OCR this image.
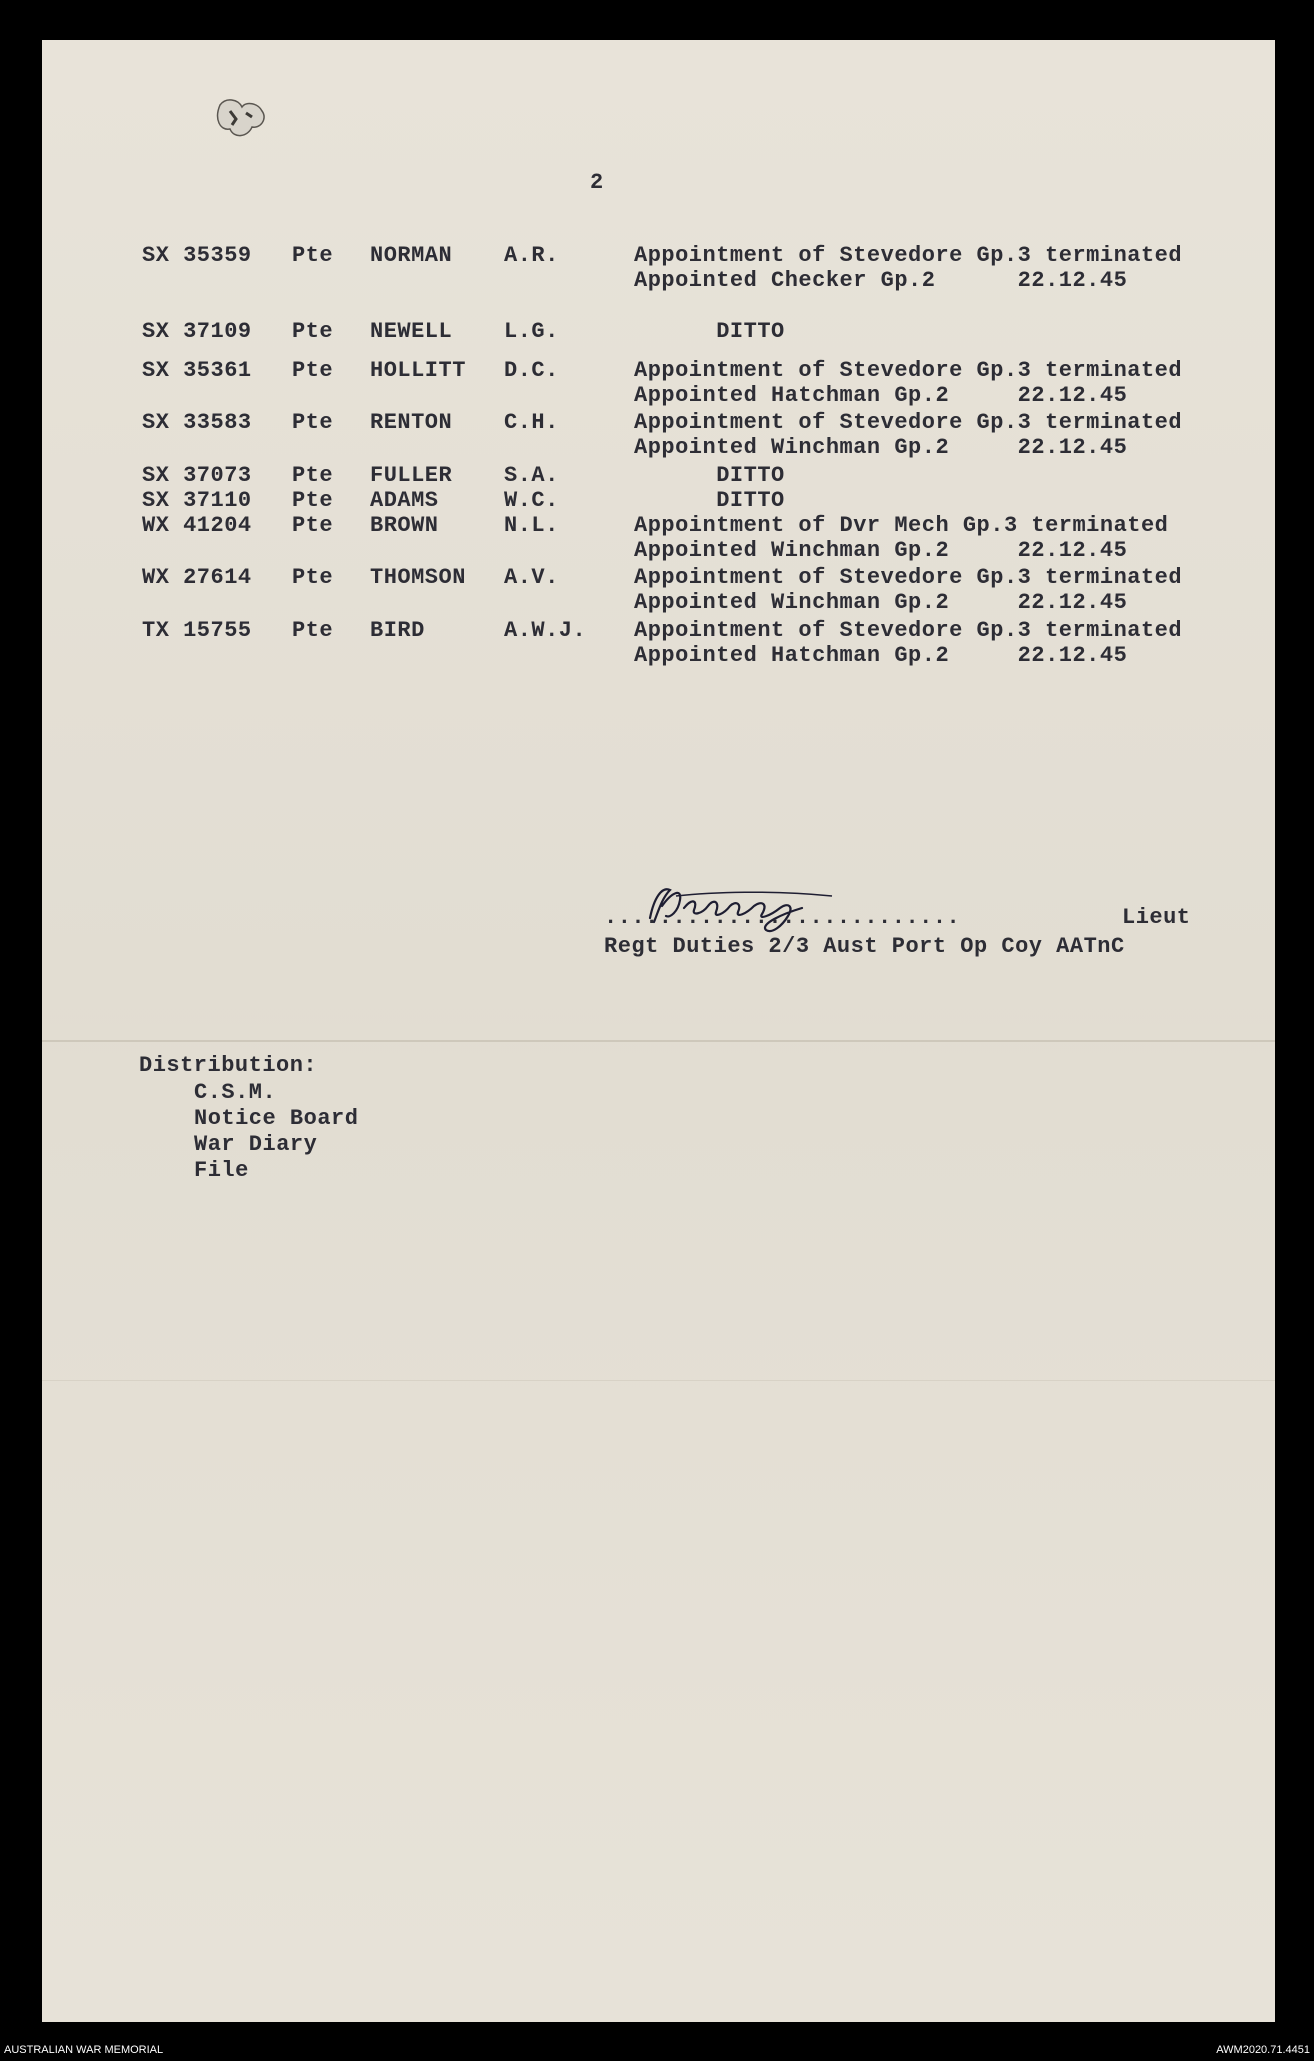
2
SX 35359 Pte NORMAN A.R.	Appointment of Stevedore Gp.3 terminated
Appointed Checker Gp.2      22.12.45
SX 37109 Pte NEWELL L.G.	DITTO
SX 35361 Pte HOLLITT D.C.	Appointment of Stevedore Gp.3 terminated
Appointed Hatchman Gp.2     22.12.45
SX 33583 Pte RENTON C.H.	Appointment of Stevedore Gp.3 terminated
Appointed Winchman Gp.2     22.12.45
SX 37073 Pte FULLER S.A.	DITTO
SX 37110 Pte ADAMS	W.C.	DITTO
WX 41204 Pte BROWN	N.L.	Appointment of Dvr Mech Gp.3 terminated
Appointed Winchman Gp.2     22.12.45
WX 27614 Pte THOMSON A.V.	Appointment of Stevedore Gp.3 terminated
Appointed Winchman Gp.2     22.12.45
TX 15755 Pte BIRD	A.W.J. Appointment of Stevedore Gp.3 terminated
Appointed Hatchman Gp.2     22.12.45
..........................	Lieut
Regt Duties 2/3 Aust Port Op Coy AATnC
Distribution:
C.S.M.
Notice Board
War Diary
File
AUSTRALIAN WAR MEMORIAL	AWM2020.71.4451
